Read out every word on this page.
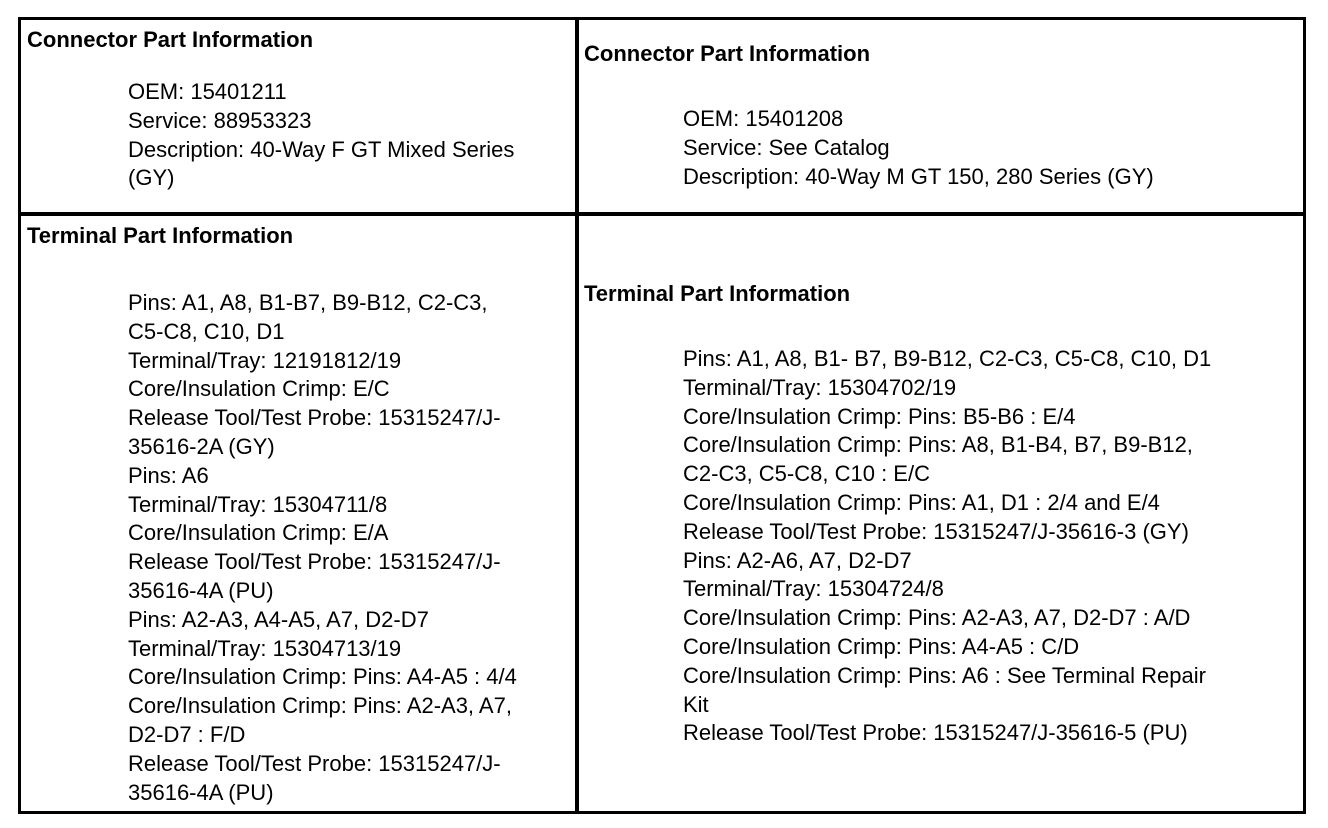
Connector Part Information
OEM: 15401211
Service: 88953323
Description: 40-Way F GT Mixed Series
(GY)
Connector Part Information
OEM: 15401208
Service: See Catalog
Description: 40-Way M GT 150, 280 Series (GY)
Terminal Part Information
Pins: A1, A8, B1-B7, B9-B12, C2-C3,
C5-C8, C10, D1
Terminal/Tray: 12191812/19
Core/Insulation Crimp: E/C
Release Tool/Test Probe: 15315247/J-
35616-2A (GY)
Pins: A6
Terminal/Tray: 15304711/8
Core/Insulation Crimp: E/A
Release Tool/Test Probe: 15315247/J-
35616-4A (PU)
Pins: A2-A3, A4-A5, A7, D2-D7
Terminal/Tray: 15304713/19
Core/Insulation Crimp: Pins: A4-A5 : 4/4
Core/Insulation Crimp: Pins: A2-A3, A7,
D2-D7 : F/D
Release Tool/Test Probe: 15315247/J-
35616-4A (PU)
Terminal Part Information
Pins: A1, A8, B1- B7, B9-B12, C2-C3, C5-C8, C10, D1
Terminal/Tray: 15304702/19
Core/Insulation Crimp: Pins: B5-B6 : E/4
Core/Insulation Crimp: Pins: A8, B1-B4, B7, B9-B12,
C2-C3, C5-C8, C10 : E/C
Core/Insulation Crimp: Pins: A1, D1 : 2/4 and E/4
Release Tool/Test Probe: 15315247/J-35616-3 (GY)
Pins: A2-A6, A7, D2-D7
Terminal/Tray: 15304724/8
Core/Insulation Crimp: Pins: A2-A3, A7, D2-D7 : A/D
Core/Insulation Crimp: Pins: A4-A5 : C/D
Core/Insulation Crimp: Pins: A6 : See Terminal Repair
Kit
Release Tool/Test Probe: 15315247/J-35616-5 (PU)
